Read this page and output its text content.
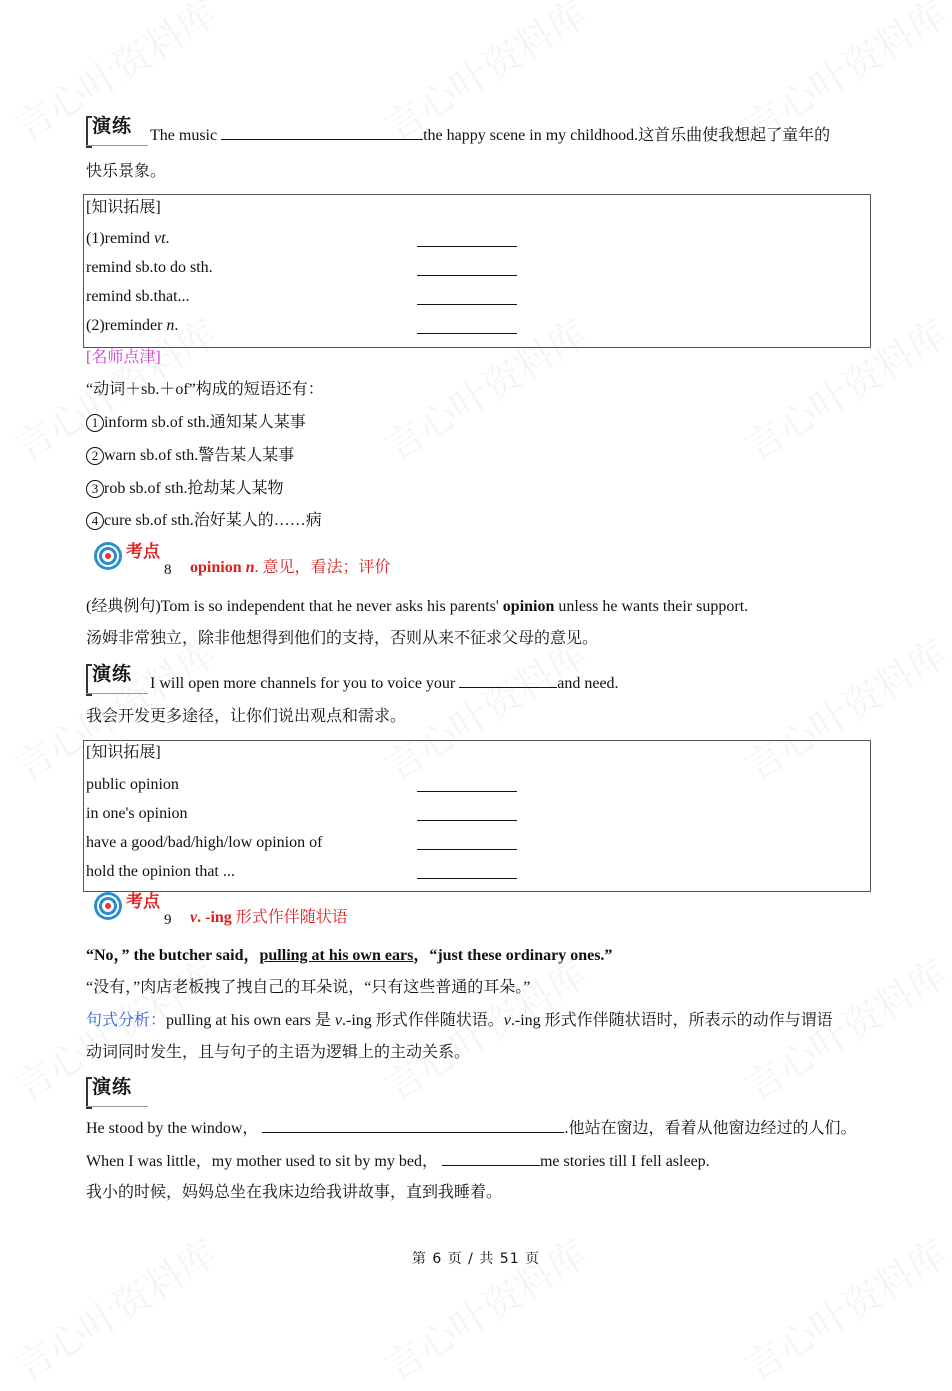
演练 The music	the happy scene in my childhood.这首乐曲使我想起了童年的
快乐景象。
[知识拓展]
(1)remind vt.
remind sb.to do sth.
remind sb.that...
(2)reminder n.
[名师点津]
“动词＋sb.＋of”构成的短语还有：
1 inform sb.of sth.通知某人某事
2 warn sb.of sth.警告某人某事
3 rob sb.of sth.抢劫某人某物
4 cure sb.of sth.治好某人的……病
考点
8 opinion n. 意见，看法；评价
(经典例句)Tom is so independent that he never asks his parents' opinion unless he wants their support.
汤姆非常独立，除非他想得到他们的支持，否则从来不征求父母的意见。
演练 I will open more channels for you to voice your	and need.
我会开发更多途径，让你们说出观点和需求。
[知识拓展]
public opinion
in one's opinion
have a good/bad/high/low opinion of
hold the opinion that ...
考点
9 v. -ing 形式作伴随状语
“No，” the butcher said，pulling at his own ears，“just these ordinary ones.”
“没有，”肉店老板拽了拽自己的耳朵说，“只有这些普通的耳朵。”
句式分析：pulling at his own ears 是 v.-ing 形式作伴随状语。v.-ing 形式作伴随状语时，所表示的动作与谓语
动词同时发生，且与句子的主语为逻辑上的主动关系。
演练
He stood by the window，	.他站在窗边，看着从他窗边经过的人们。
When I was little，my mother used to sit by my bed，	me stories till I fell asleep.
我小的时候，妈妈总坐在我床边给我讲故事，直到我睡着。
第 6 页 / 共 51 页
